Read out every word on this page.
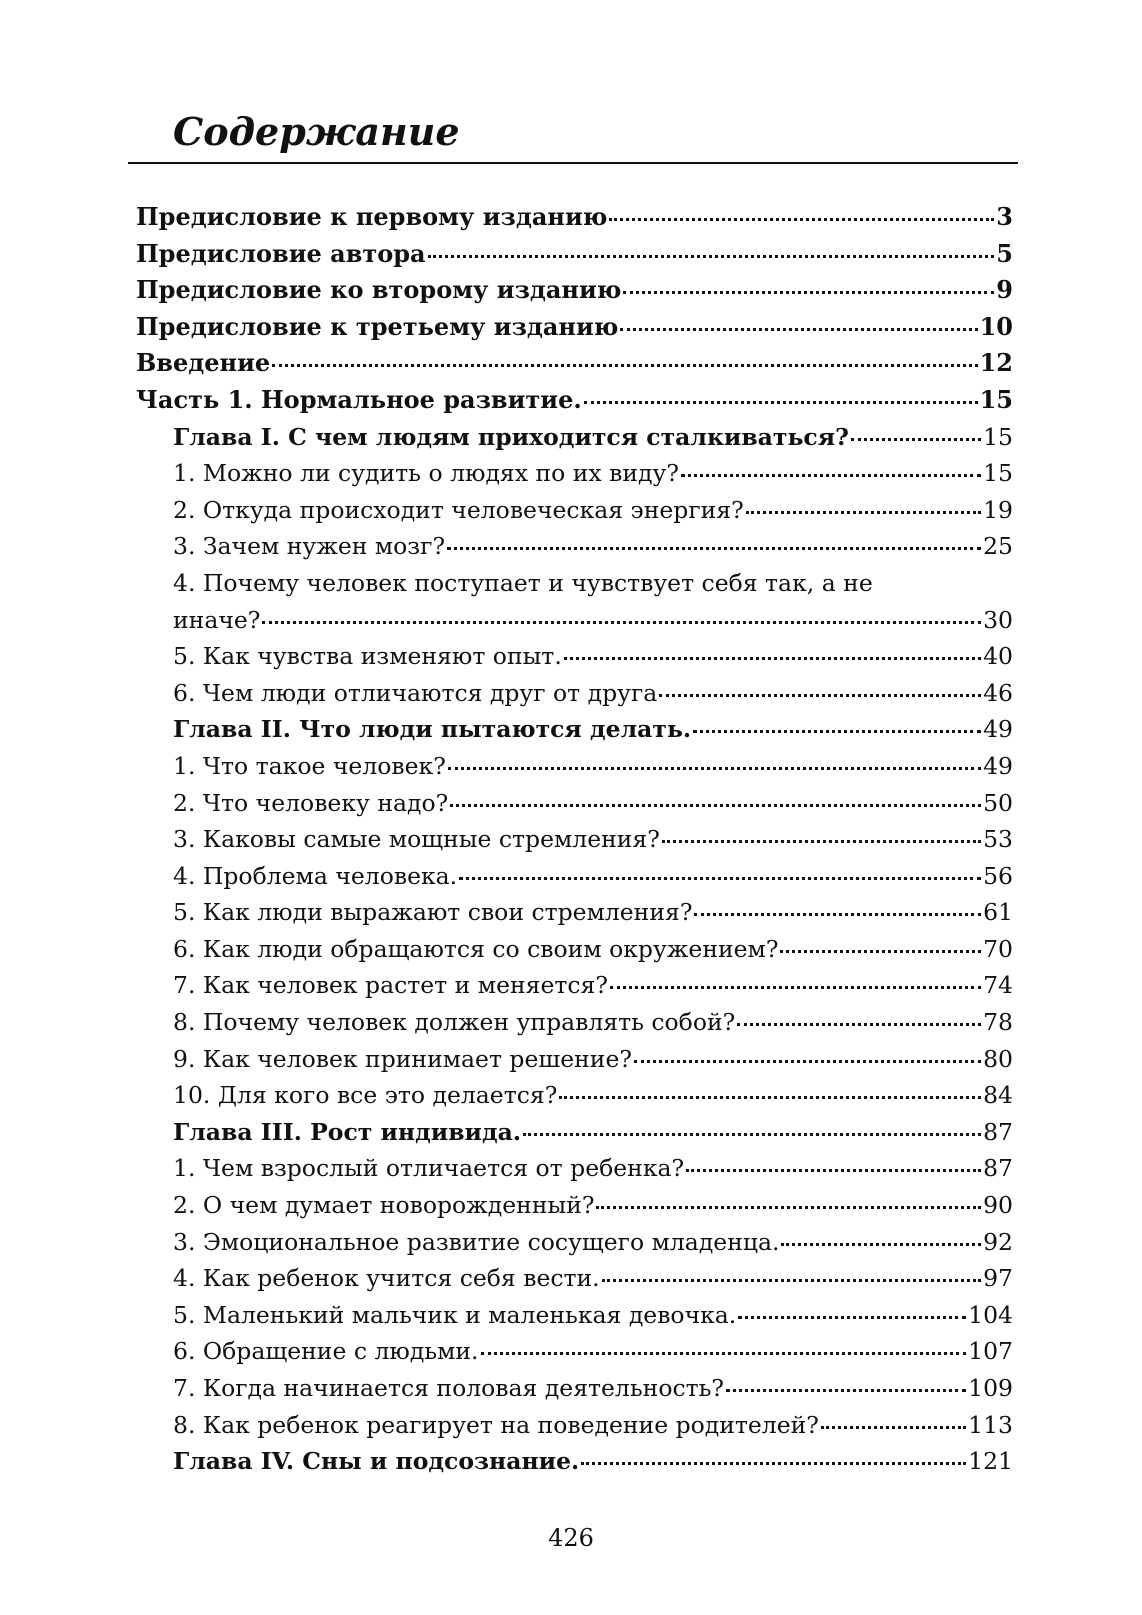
Содержание
Предисловие к первому изданию	3
Предисловие автора	5
Предисловие ко второму изданию	9
Предисловие к третьему изданию	10
Введение	12
Часть 1. Нормальное развитие.	15
Глава I. С чем людям приходится сталкиваться?	15
1. Можно ли судить о людях по их виду?	15
2. Откуда происходит человеческая энергия?	19
3. Зачем нужен мозг?	25
4. Почему человек поступает и чувствует себя так, а не
иначе?	30
5. Как чувства изменяют опыт.	40
6. Чем люди отличаются друг от друга	46
Глава II. Что люди пытаются делать.	49
1. Что такое человек?	49
2. Что человеку надо?	50
3. Каковы самые мощные стремления?	53
4. Проблема человека.	56
5. Как люди выражают свои стремления?	61
6. Как люди обращаются со своим окружением?	70
7. Как человек растет и меняется?	74
8. Почему человек должен управлять собой?	78
9. Как человек принимает решение?	80
10. Для кого все это делается?	84
Глава III. Рост индивида.	87
1. Чем взрослый отличается от ребенка?	87
2. О чем думает новорожденный?	90
3. Эмоциональное развитие сосущего младенца.	92
4. Как ребенок учится себя вести.	97
5. Маленький мальчик и маленькая девочка.	104
6. Обращение с людьми.	107
7. Когда начинается половая деятельность?	109
8. Как ребенок реагирует на поведение родителей?	113
Глава IV. Сны и подсознание.	121
426
